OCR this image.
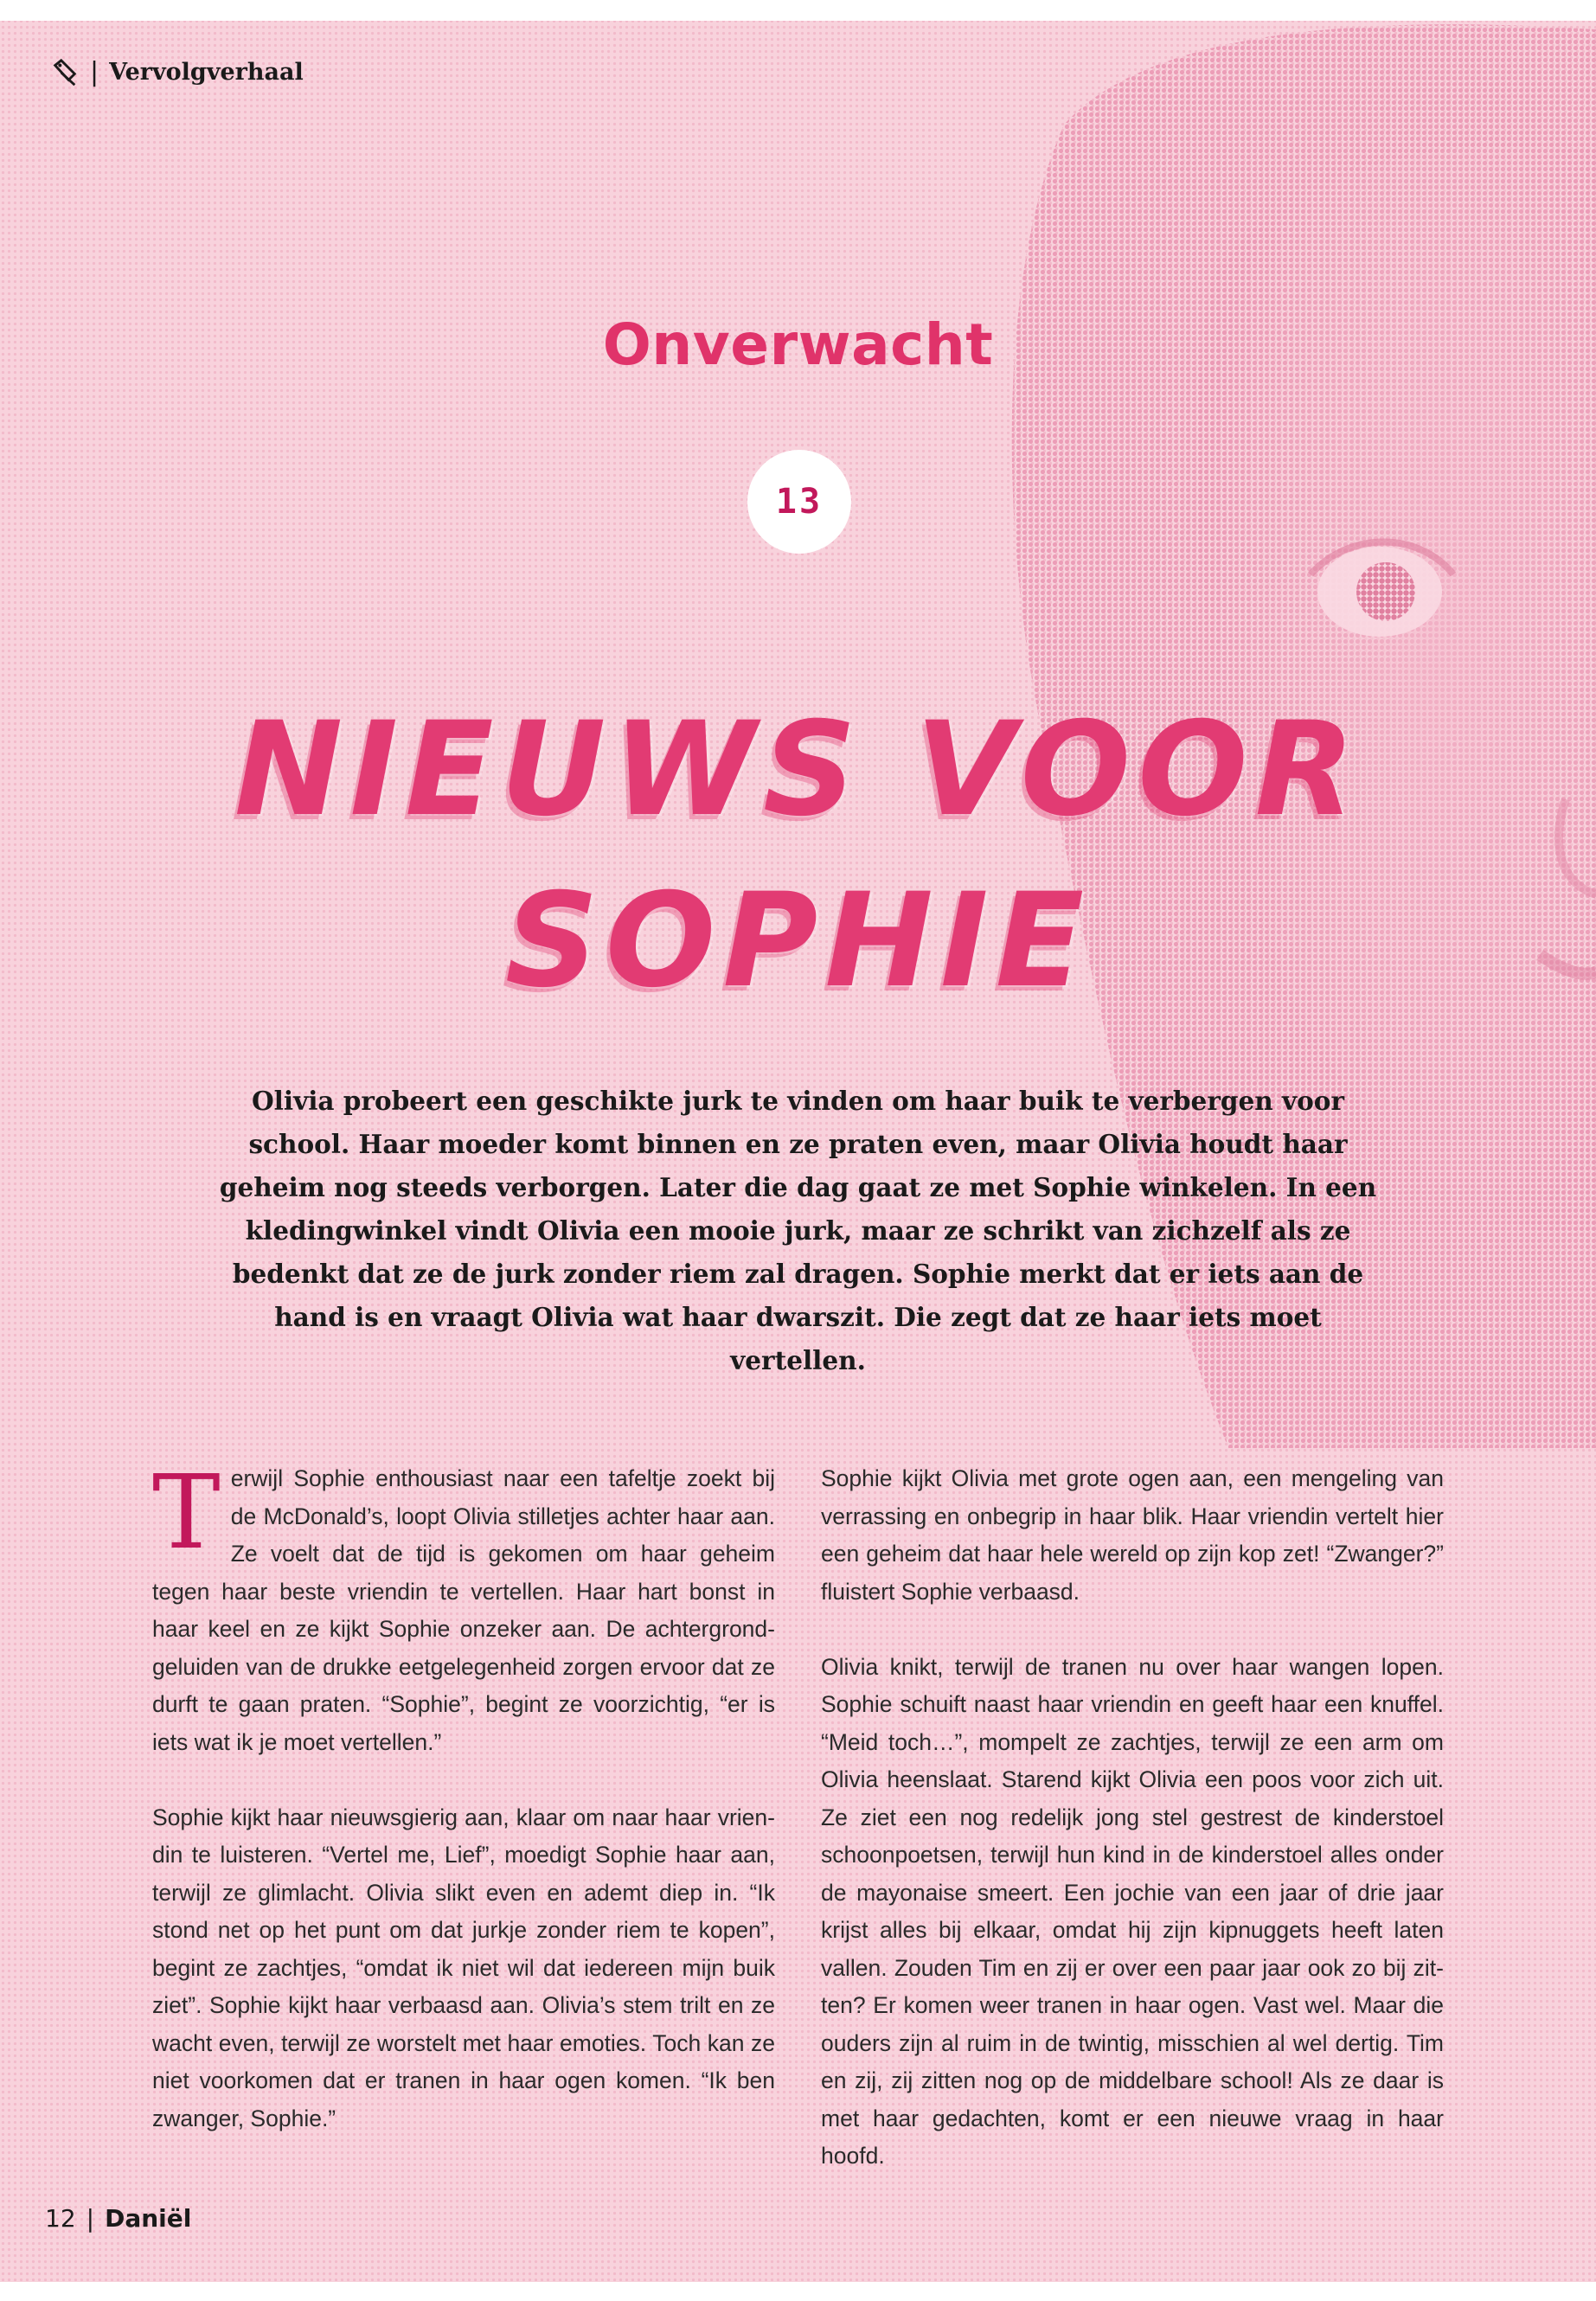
| Vervolgverhaal
Onverwacht
13
NIEUWS VOOR
SOPHIE
Olivia probeert een geschikte jurk te vinden om haar buik te verbergen voor school. Haar moeder komt binnen en ze praten even, maar Olivia houdt haar geheim nog steeds verborgen. Later die dag gaat ze met Sophie winkelen. In een kledingwinkel vindt Olivia een mooie jurk, maar ze schrikt van zichzelf als ze bedenkt dat ze de jurk zonder riem zal dragen. Sophie merkt dat er iets aan de hand is en vraagt Olivia wat haar dwarszit. Die zegt dat ze haar iets moet vertellen.

Terwijl Sophie enthousiast naar een tafeltje zoekt bij de McDonald’s, loopt Olivia stilletjes achter haar aan. Ze voelt dat de tijd is gekomen om haar geheim tegen haar beste vriendin te vertellen. Haar hart bonst in haar keel en ze kijkt Sophie onzeker aan. De achtergrondgeluiden van de drukke eetgelegenheid zorgen ervoor dat ze durft te gaan praten. “Sophie”, begint ze voorzichtig, “er is iets wat ik je moet vertellen.”

Sophie kijkt haar nieuwsgierig aan, klaar om naar haar vriendin te luisteren. “Vertel me, Lief”, moedigt Sophie haar aan, terwijl ze glimlacht. Olivia slikt even en ademt diep in. “Ik stond net op het punt om dat jurkje zonder riem te kopen”, begint ze zachtjes, “omdat ik niet wil dat iedereen mijn buik ziet”. Sophie kijkt haar verbaasd aan. Olivia’s stem trilt en ze wacht even, terwijl ze worstelt met haar emoties. Toch kan ze niet voorkomen dat er tranen in haar ogen komen. “Ik ben zwanger, Sophie.”

Sophie kijkt Olivia met grote ogen aan, een mengeling van verrassing en onbegrip in haar blik. Haar vriendin vertelt hier een geheim dat haar hele wereld op zijn kop zet! “Zwanger?” fluistert Sophie verbaasd.

Olivia knikt, terwijl de tranen nu over haar wangen lopen. Sophie schuift naast haar vriendin en geeft haar een knuffel. “Meid toch…”, mompelt ze zachtjes, terwijl ze een arm om Olivia heenslaat. Starend kijkt Olivia een poos voor zich uit. Ze ziet een nog redelijk jong stel gestrest de kinderstoel schoonpoetsen, terwijl hun kind in de kinderstoel alles onder de mayonaise smeert. Een jochie van een jaar of drie jaar krijst alles bij elkaar, omdat hij zijn kipnuggets heeft laten vallen. Zouden Tim en zij er over een paar jaar ook zo bij zitten? Er komen weer tranen in haar ogen. Vast wel. Maar die ouders zijn al ruim in de twintig, misschien al wel dertig. Tim en zij, zij zitten nog op de middelbare school! Als ze daar is met haar gedachten, komt er een nieuwe vraag in haar hoofd.

12 | Daniël
